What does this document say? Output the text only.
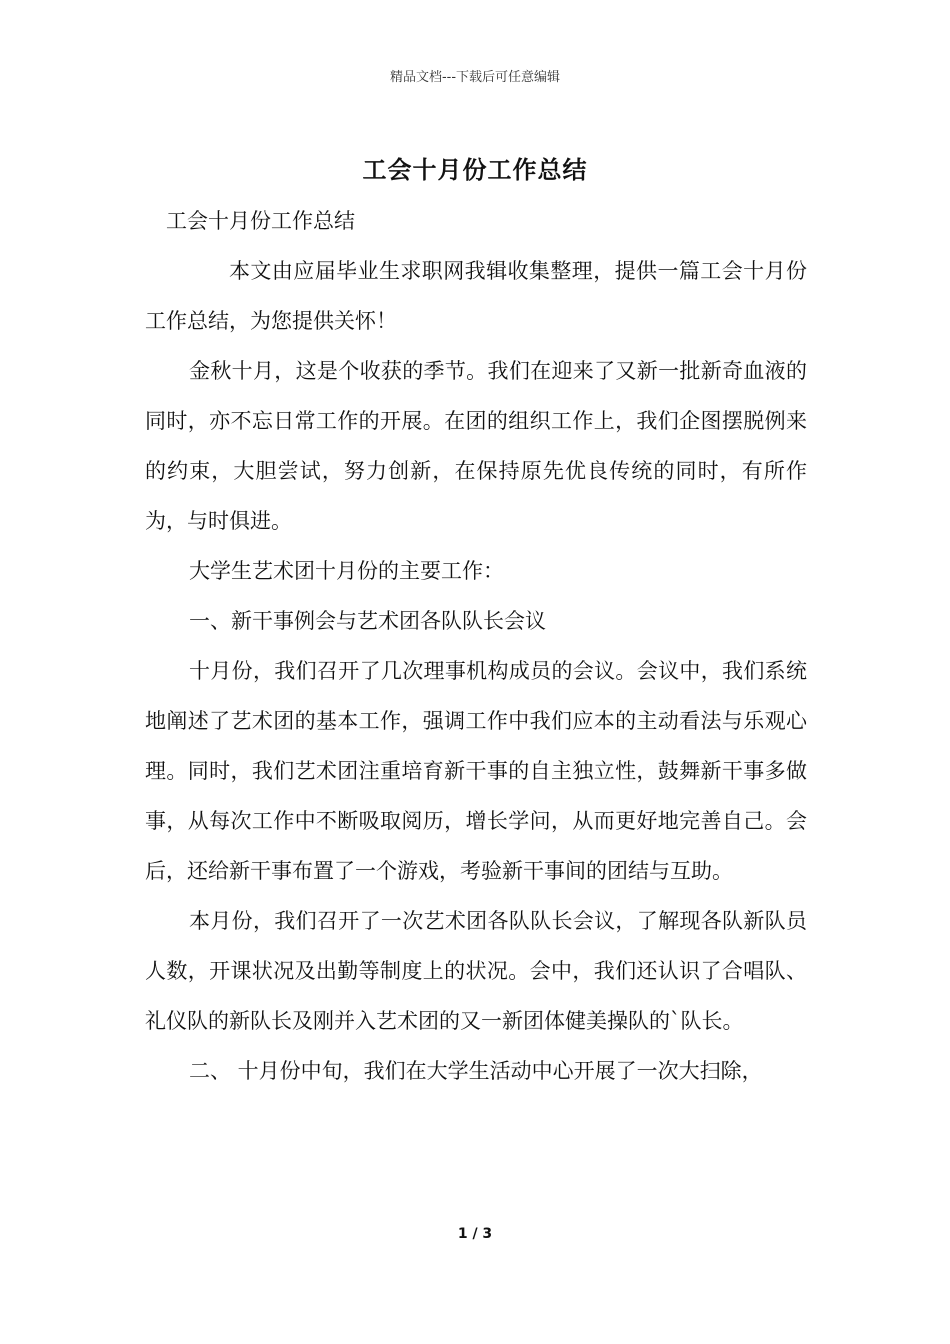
精品文档---下载后可任意编辑
工会十月份工作总结

工会十月份工作总结

本文由应届毕业生求职网我辑收集整理，提供一篇工会十月份工作总结，为您提供关怀！

金秋十月，这是个收获的季节。我们在迎来了又新一批新奇血液的同时，亦不忘日常工作的开展。在团的组织工作上，我们企图摆脱例来的约束，大胆尝试，努力创新，在保持原先优良传统的同时，有所作为，与时俱进。

大学生艺术团十月份的主要工作：

一、新干事例会与艺术团各队队长会议

十月份，我们召开了几次理事机构成员的会议。会议中，我们系统地阐述了艺术团的基本工作，强调工作中我们应本的主动看法与乐观心理。同时，我们艺术团注重培育新干事的自主独立性，鼓舞新干事多做事，从每次工作中不断吸取阅历，增长学问，从而更好地完善自己。会后，还给新干事布置了一个游戏，考验新干事间的团结与互助。

本月份，我们召开了一次艺术团各队队长会议，了解现各队新队员人数，开课状况及出勤等制度上的状况。会中，我们还认识了合唱队、礼仪队的新队长及刚并入艺术团的又一新团体健美操队的`队长。

二、 十月份中旬，我们在大学生活动中心开展了一次大扫除，

1 / 3
